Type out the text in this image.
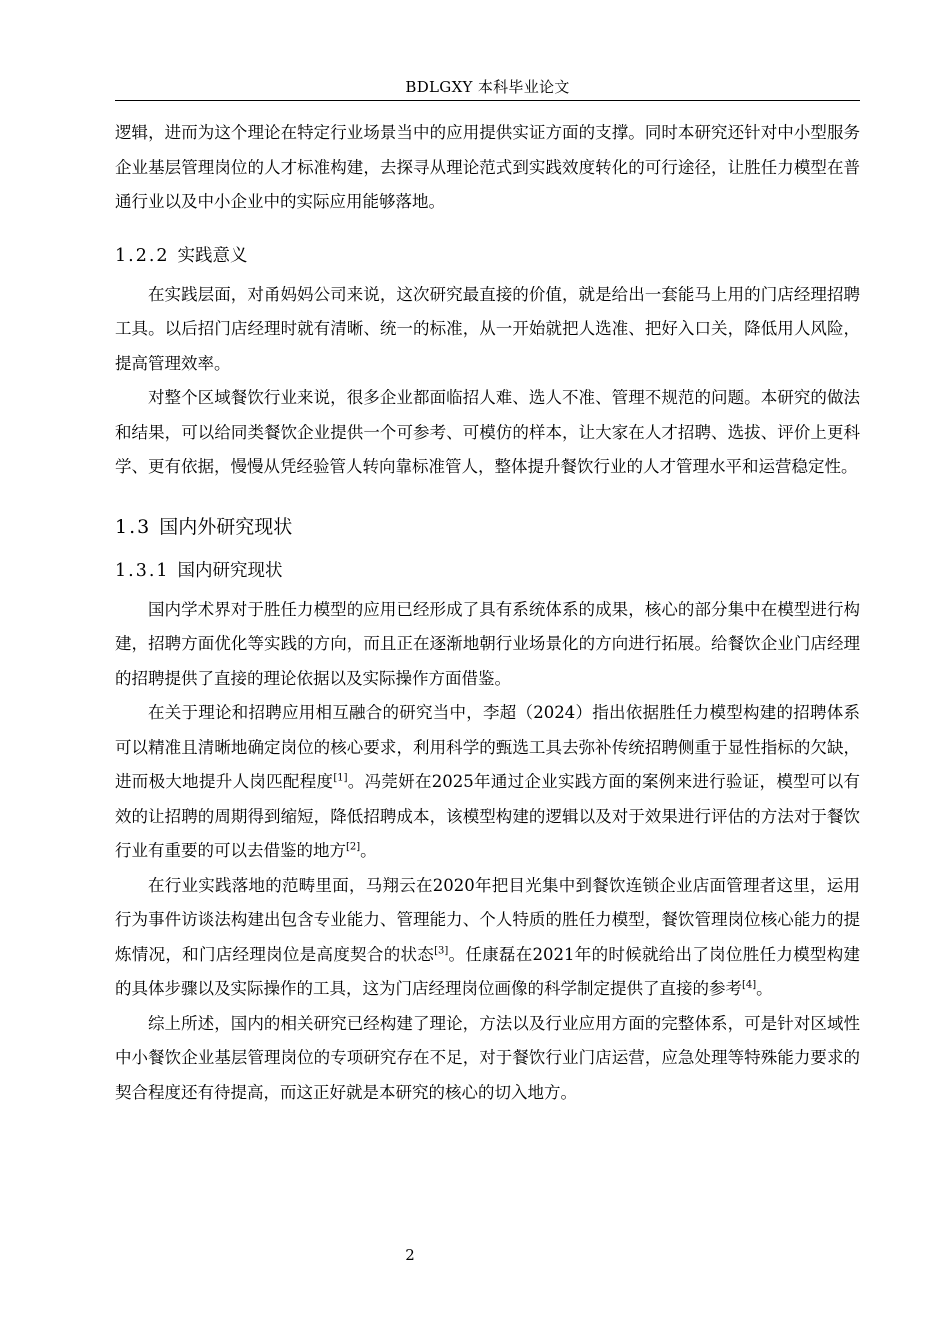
BDLGXY 本科毕业论文

逻辑，进而为这个理论在特定行业场景当中的应用提供实证方面的支撑。同时本研究还针对中小型服务企业基层管理岗位的人才标准构建，去探寻从理论范式到实践效度转化的可行途径，让胜任力模型在普通行业以及中小企业中的实际应用能够落地。

1.2.2 实践意义

在实践层面，对甬妈妈公司来说，这次研究最直接的价值，就是给出一套能马上用的门店经理招聘工具。以后招门店经理时就有清晰、统一的标准，从一开始就把人选准、把好入口关，降低用人风险，提高管理效率。

对整个区域餐饮行业来说，很多企业都面临招人难、选人不准、管理不规范的问题。本研究的做法和结果，可以给同类餐饮企业提供一个可参考、可模仿的样本，让大家在人才招聘、选拔、评价上更科学、更有依据，慢慢从凭经验管人转向靠标准管人，整体提升餐饮行业的人才管理水平和运营稳定性。

1.3 国内外研究现状
1.3.1 国内研究现状

国内学术界对于胜任力模型的应用已经形成了具有系统体系的成果，核心的部分集中在模型进行构建，招聘方面优化等实践的方向，而且正在逐渐地朝行业场景化的方向进行拓展。给餐饮企业门店经理的招聘提供了直接的理论依据以及实际操作方面借鉴。

在关于理论和招聘应用相互融合的研究当中，李超（2024）指出依据胜任力模型构建的招聘体系可以精准且清晰地确定岗位的核心要求，利用科学的甄选工具去弥补传统招聘侧重于显性指标的欠缺，进而极大地提升人岗匹配程度[1]。冯莞妍在2025年通过企业实践方面的案例来进行验证，模型可以有效的让招聘的周期得到缩短，降低招聘成本，该模型构建的逻辑以及对于效果进行评估的方法对于餐饮行业有重要的可以去借鉴的地方[2]。

在行业实践落地的范畴里面，马翔云在2020年把目光集中到餐饮连锁企业店面管理者这里，运用行为事件访谈法构建出包含专业能力、管理能力、个人特质的胜任力模型，餐饮管理岗位核心能力的提炼情况，和门店经理岗位是高度契合的状态[3]。任康磊在2021年的时候就给出了岗位胜任力模型构建的具体步骤以及实际操作的工具，这为门店经理岗位画像的科学制定提供了直接的参考[4]。

综上所述，国内的相关研究已经构建了理论，方法以及行业应用方面的完整体系，可是针对区域性中小餐饮企业基层管理岗位的专项研究存在不足，对于餐饮行业门店运营，应急处理等特殊能力要求的契合程度还有待提高，而这正好就是本研究的核心的切入地方。

2
